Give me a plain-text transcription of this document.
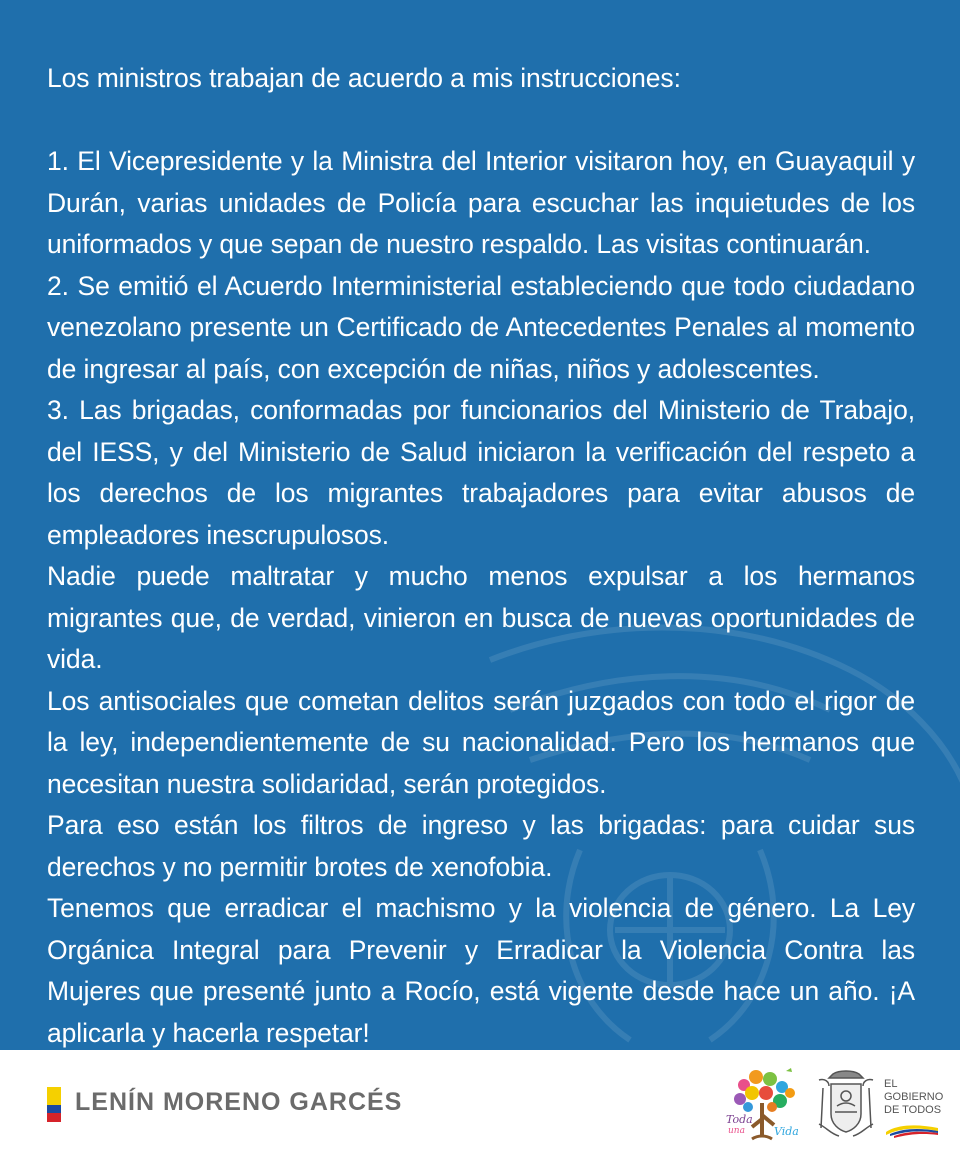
Los ministros trabajan de acuerdo a mis instrucciones:

1. El Vicepresidente y la Ministra del Interior visitaron hoy, en Guayaquil y Durán, varias unidades de Policía para escuchar las inquietudes de los uniformados y que sepan de nuestro respaldo. Las visitas continuarán.

2. Se emitió el Acuerdo Interministerial estableciendo que todo ciudadano venezolano presente un Certificado de Antecedentes Penales al momento de ingresar al país, con excepción de niñas, niños y adolescentes.

3. Las brigadas, conformadas por funcionarios del Ministerio de Trabajo, del IESS, y del Ministerio de Salud iniciaron la verificación del respeto a los derechos de los migrantes trabajadores para evitar abusos de empleadores inescrupulosos.

Nadie puede maltratar y mucho menos expulsar a los hermanos migrantes que, de verdad, vinieron en busca de nuevas oportunidades de vida.

Los antisociales que cometan delitos serán juzgados con todo el rigor de la ley, independientemente de su nacionalidad. Pero los hermanos que necesitan nuestra solidaridad, serán protegidos.

Para eso están los filtros de ingreso y las brigadas: para cuidar sus derechos y no permitir brotes de xenofobia.

Tenemos que erradicar el machismo y la violencia de género. La Ley Orgánica Integral para Prevenir y Erradicar la Violencia Contra las Mujeres que presenté junto a Rocío, está vigente desde hace un año. ¡A aplicarla y hacerla respetar!

LENÍN MORENO GARCÉS
Toda
una	Vida
EL
GOBIERNO
DE TODOS
